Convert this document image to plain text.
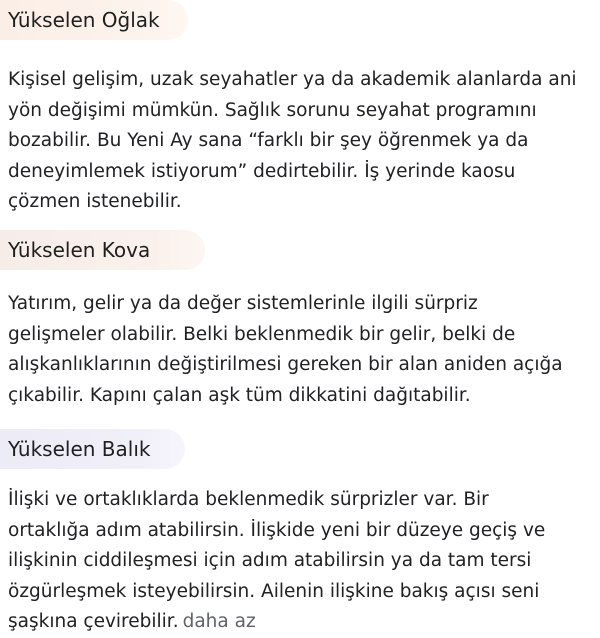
Yükselen Oğlak

Kişisel gelişim, uzak seyahatler ya da akademik alanlarda ani
yön değişimi mümkün. Sağlık sorunu seyahat programını
bozabilir. Bu Yeni Ay sana “farklı bir şey öğrenmek ya da
deneyimlemek istiyorum” dedirtebilir. İş yerinde kaosu
çözmen istenebilir.

Yükselen Kova

Yatırım, gelir ya da değer sistemlerinle ilgili sürpriz
gelişmeler olabilir. Belki beklenmedik bir gelir, belki de
alışkanlıklarının değiştirilmesi gereken bir alan aniden açığa
çıkabilir. Kapını çalan aşk tüm dikkatini dağıtabilir.

Yükselen Balık

İlişki ve ortaklıklarda beklenmedik sürprizler var. Bir
ortaklığa adım atabilirsin. İlişkide yeni bir düzeye geçiş ve
ilişkinin ciddileşmesi için adım atabilirsin ya da tam tersi
özgürleşmek isteyebilirsin. Ailenin ilişkine bakış açısı seni
şaşkına çevirebilir. daha az
